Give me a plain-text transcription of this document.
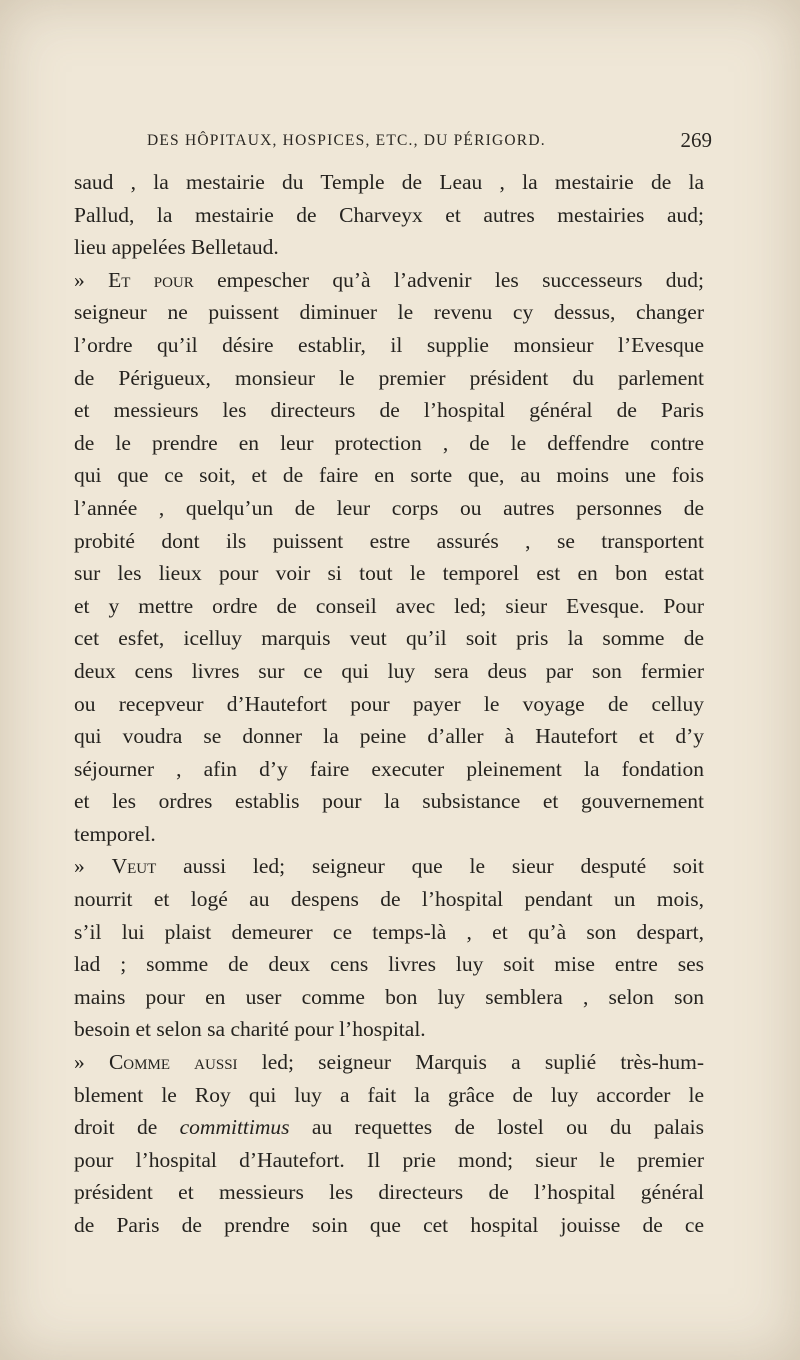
DES HÔPITAUX, HOSPICES, ETC., DU PÉRIGORD.	269
saud , la mestairie du Temple de Leau , la mestairie de la
Pallud, la mestairie de Charveyx et autres mestairies aud;
lieu appelées Belletaud.
» Et pour empescher qu’à l’advenir les successeurs dud;
seigneur ne puissent diminuer le revenu cy dessus, changer
l’ordre qu’il désire establir, il supplie monsieur l’Evesque
de Périgueux, monsieur le premier président du parlement
et messieurs les directeurs de l’hospital général de Paris
de le prendre en leur protection , de le deffendre contre
qui que ce soit, et de faire en sorte que, au moins une fois
l’année , quelqu’un de leur corps ou autres personnes de
probité dont ils puissent estre assurés , se transportent
sur les lieux pour voir si tout le temporel est en bon estat
et y mettre ordre de conseil avec led; sieur Evesque. Pour
cet esfet, icelluy marquis veut qu’il soit pris la somme de
deux cens livres sur ce qui luy sera deus par son fermier
ou recepveur d’Hautefort pour payer le voyage de celluy
qui voudra se donner la peine d’aller à Hautefort et d’y
séjourner , afin d’y faire executer pleinement la fondation
et les ordres establis pour la subsistance et gouvernement
temporel.
» Veut aussi led; seigneur que le sieur desputé soit
nourrit et logé au despens de l’hospital pendant un mois,
s’il lui plaist demeurer ce temps-là , et qu’à son despart,
lad ; somme de deux cens livres luy soit mise entre ses
mains pour en user comme bon luy semblera , selon son
besoin et selon sa charité pour l’hospital.
» Comme aussi led; seigneur Marquis a suplié très-hum-
blement le Roy qui luy a fait la grâce de luy accorder le
droit de committimus au requettes de lostel ou du palais
pour l’hospital d’Hautefort. Il prie mond; sieur le premier
président et messieurs les directeurs de l’hospital général
de Paris de prendre soin que cet hospital jouisse de ce
